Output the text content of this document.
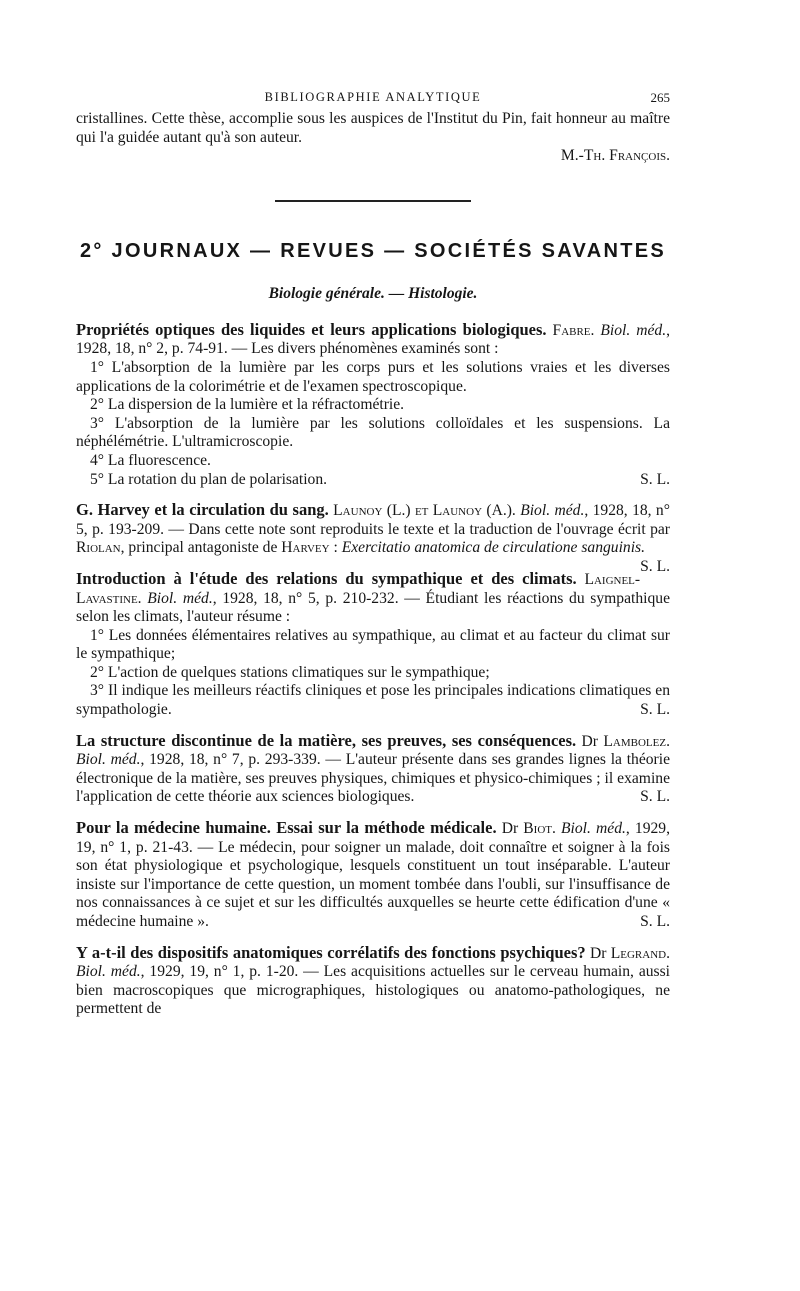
BIBLIOGRAPHIE ANALYTIQUE	265

cristallines. Cette thèse, accomplie sous les auspices de l'Institut du Pin, fait honneur au maître qui l'a guidée autant qu'à son auteur.

M.-Th. François.

2° JOURNAUX — REVUES — SOCIÉTÉS SAVANTES
Biologie générale. — Histologie.

Propriétés optiques des liquides et leurs applications biologiques. Fabre. Biol. méd., 1928, 18, n° 2, p. 74-91. — Les divers phénomènes examinés sont :

1° L'absorption de la lumière par les corps purs et les solutions vraies et les diverses applications de la colorimétrie et de l'examen spectroscopique.

2° La dispersion de la lumière et la réfractométrie.

3° L'absorption de la lumière par les solutions colloïdales et les suspensions. La néphélémétrie. L'ultramicroscopie.

4° La fluorescence.

5° La rotation du plan de polarisation.	S. L.

G. Harvey et la circulation du sang. Launoy (L.) et Launoy (A.). Biol. méd., 1928, 18, n° 5, p. 193-209. — Dans cette note sont reproduits le texte et la traduction de l'ouvrage écrit par Riolan, principal antagoniste de Harvey : Exercitatio anatomica de circulatione sanguinis.
S. L.

Introduction à l'étude des relations du sympathique et des climats. Laignel-Lavastine. Biol. méd., 1928, 18, n° 5, p. 210-232. — Étudiant les réactions du sympathique selon les climats, l'auteur résume :

1° Les données élémentaires relatives au sympathique, au climat et au facteur du climat sur le sympathique;

2° L'action de quelques stations climatiques sur le sympathique;

3° Il indique les meilleurs réactifs cliniques et pose les principales indications climatiques en sympathologie.	S. L.

La structure discontinue de la matière, ses preuves, ses conséquences. Dr Lambolez. Biol. méd., 1928, 18, n° 7, p. 293-339. — L'auteur présente dans ses grandes lignes la théorie électronique de la matière, ses preuves physiques, chimiques et physico-chimiques ; il examine l'application de cette théorie aux sciences biologiques.	S. L.

Pour la médecine humaine. Essai sur la méthode médicale. Dr Biot. Biol. méd., 1929, 19, n° 1, p. 21-43. — Le médecin, pour soigner un malade, doit connaître et soigner à la fois son état physiologique et psychologique, lesquels constituent un tout inséparable. L'auteur insiste sur l'importance de cette question, un moment tombée dans l'oubli, sur l'insuffisance de nos connaissances à ce sujet et sur les difficultés auxquelles se heurte cette édification d'une « médecine humaine ».	S. L.

Y a-t-il des dispositifs anatomiques corrélatifs des fonctions psychiques? Dr Legrand. Biol. méd., 1929, 19, n° 1, p. 1-20. — Les acquisitions actuelles sur le cerveau humain, aussi bien macroscopiques que micrographiques, histologiques ou anatomo-pathologiques, ne permettent de
